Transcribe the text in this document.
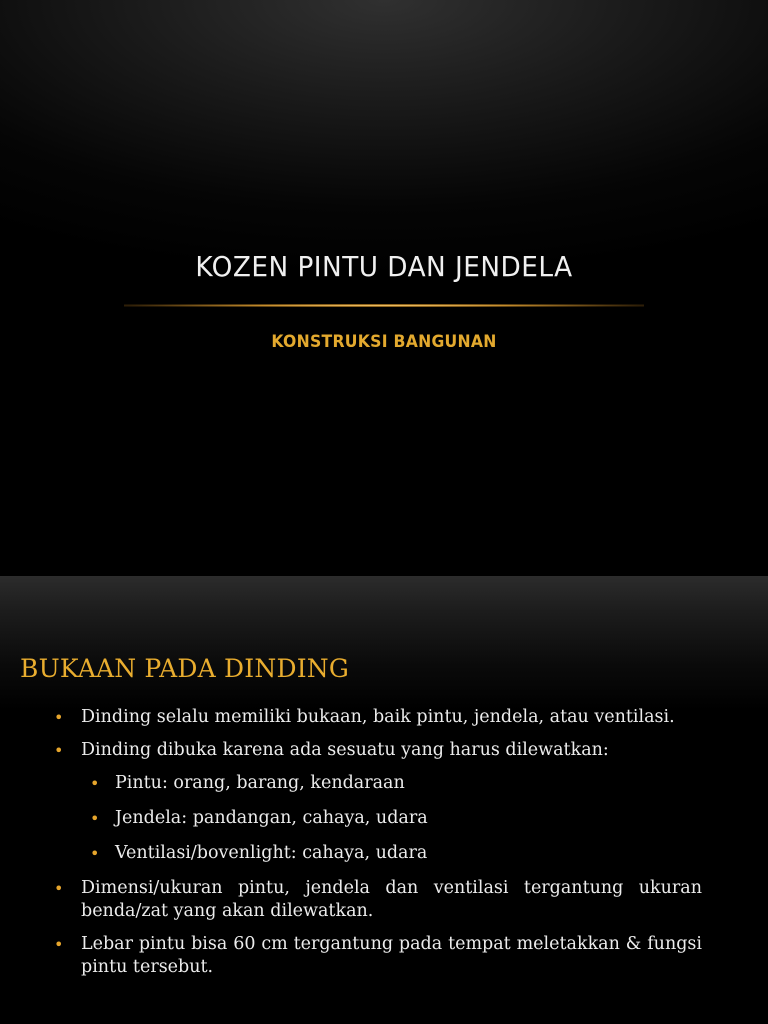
KOZEN PINTU DAN JENDELA
KONSTRUKSI BANGUNAN
BUKAAN PADA DINDING
• Dinding selalu memiliki bukaan, baik pintu, jendela, atau ventilasi.
• Dinding dibuka karena ada sesuatu yang harus dilewatkan:
• Pintu: orang, barang, kendaraan
• Jendela: pandangan, cahaya, udara
• Ventilasi/bovenlight: cahaya, udara
• Dimensi/ukuran pintu, jendela dan ventilasi tergantung ukuran benda/zat yang akan dilewatkan.
• Lebar pintu bisa 60 cm tergantung pada tempat meletakkan & fungsi pintu tersebut.
